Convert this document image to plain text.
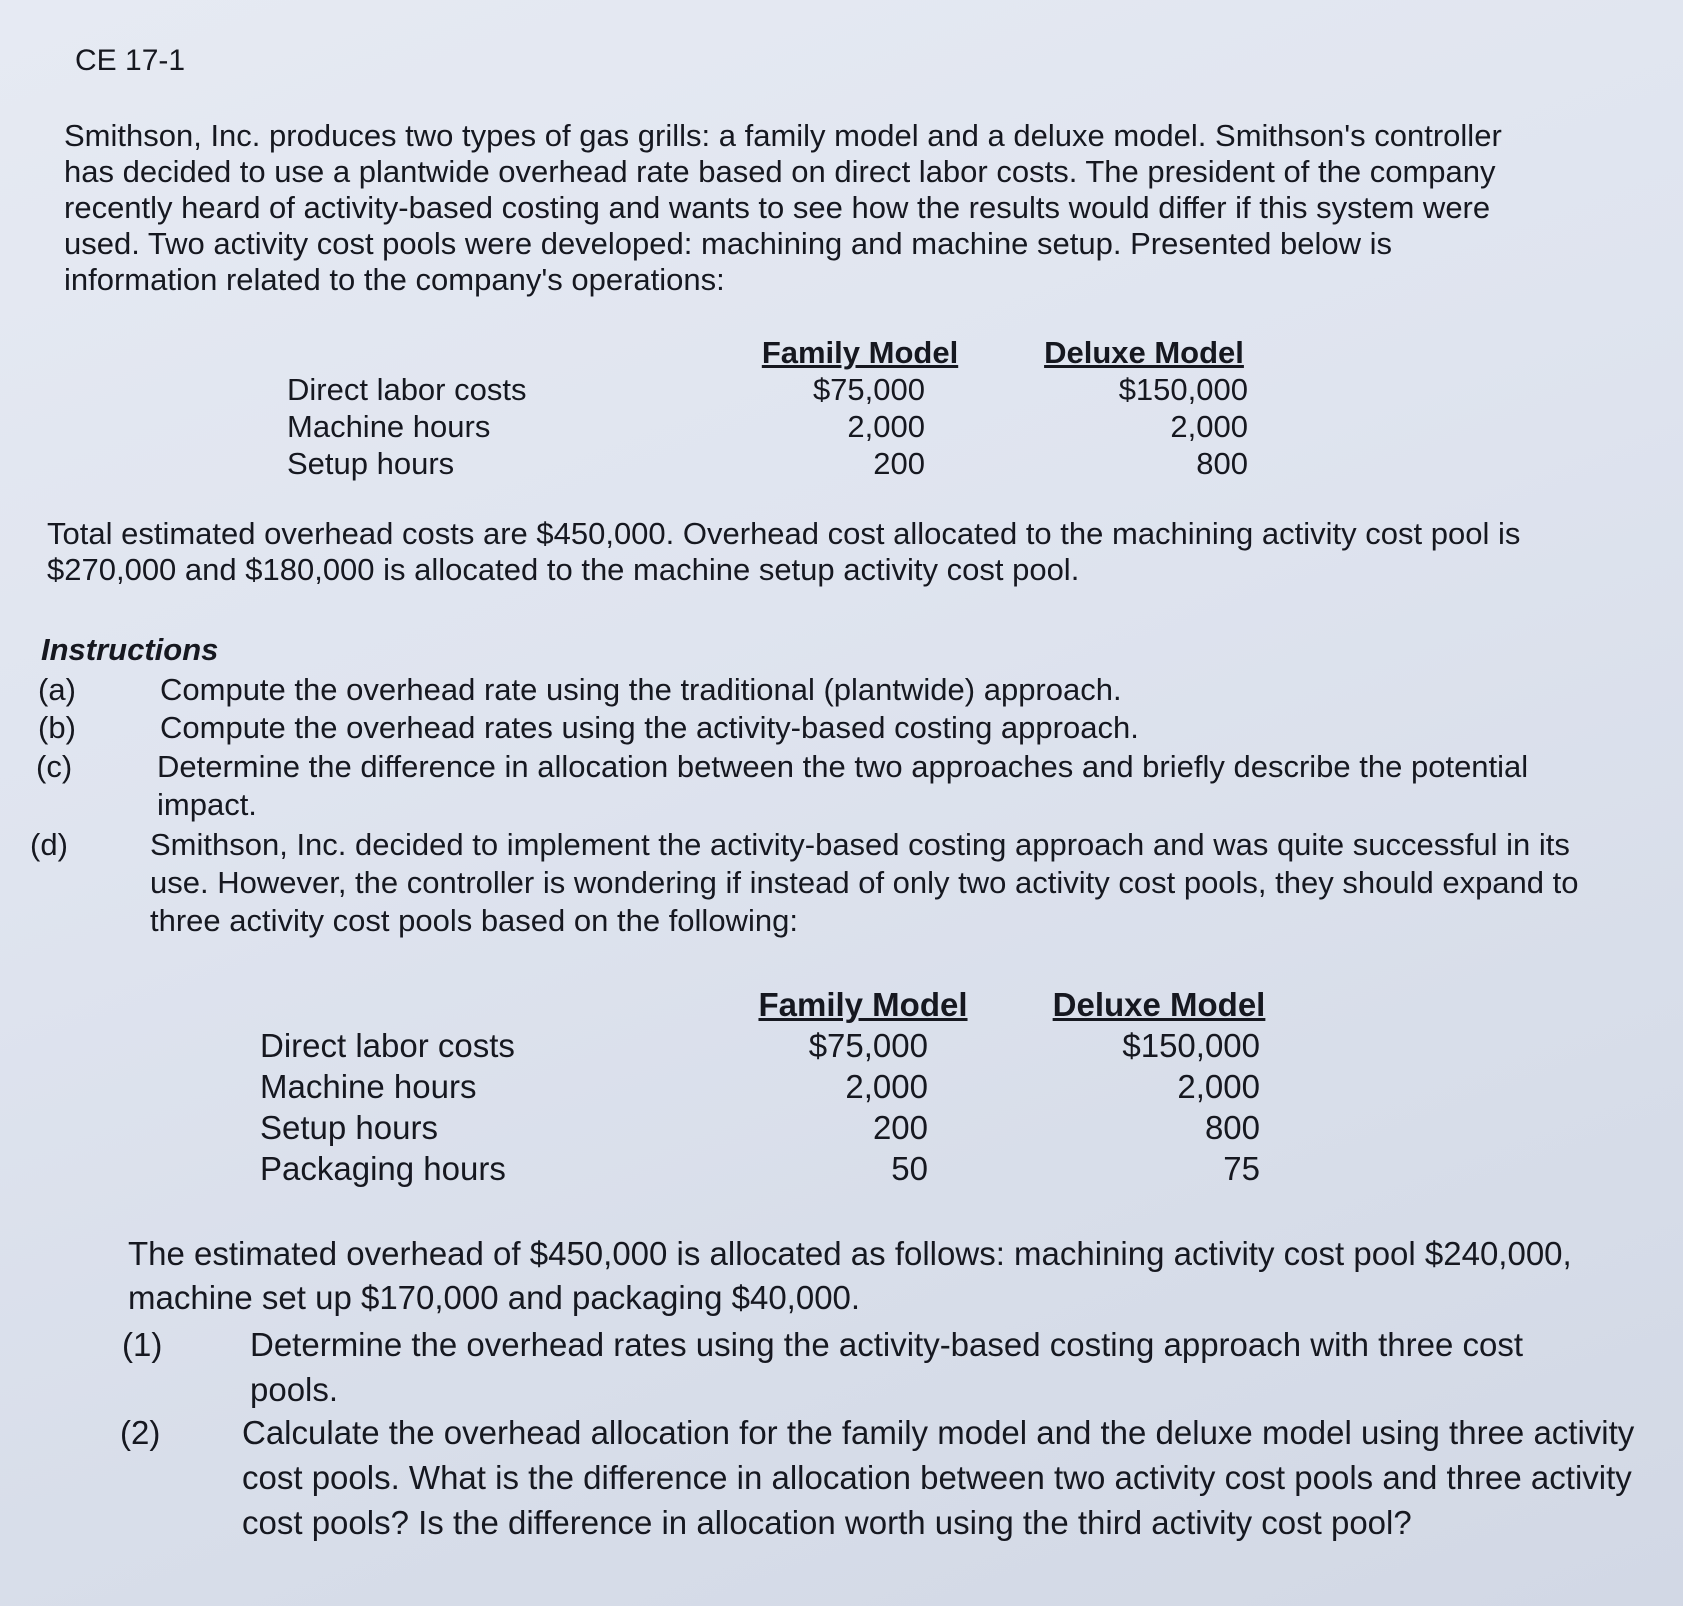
CE 17-1
Smithson, Inc. produces two types of gas grills: a family model and a deluxe model. Smithson's controller has decided to use a plantwide overhead rate based on direct labor costs. The president of the company recently heard of activity-based costing and wants to see how the results would differ if this system were used. Two activity cost pools were developed: machining and machine setup. Presented below is information related to the company's operations:
	Family Model	Deluxe Model
Direct labor costs	$75,000	$150,000
Machine hours	2,000	2,000
Setup hours	200	800
Total estimated overhead costs are $450,000. Overhead cost allocated to the machining activity cost pool is $270,000 and $180,000 is allocated to the machine setup activity cost pool.
Instructions
(a)	Compute the overhead rate using the traditional (plantwide) approach.
(b)	Compute the overhead rates using the activity-based costing approach.
(c)	Determine the difference in allocation between the two approaches and briefly describe the potential impact.
(d)	Smithson, Inc. decided to implement the activity-based costing approach and was quite successful in its use. However, the controller is wondering if instead of only two activity cost pools, they should expand to three activity cost pools based on the following:
	Family Model	Deluxe Model
Direct labor costs	$75,000	$150,000
Machine hours	2,000	2,000
Setup hours	200	800
Packaging hours	50	75
The estimated overhead of $450,000 is allocated as follows: machining activity cost pool $240,000, machine set up $170,000 and packaging $40,000.
(1)	Determine the overhead rates using the activity-based costing approach with three cost pools.
(2) Calculate the overhead allocation for the family model and the deluxe model using three activity cost pools. What is the difference in allocation between two activity cost pools and three activity cost pools? Is the difference in allocation worth using the third activity cost pool?
